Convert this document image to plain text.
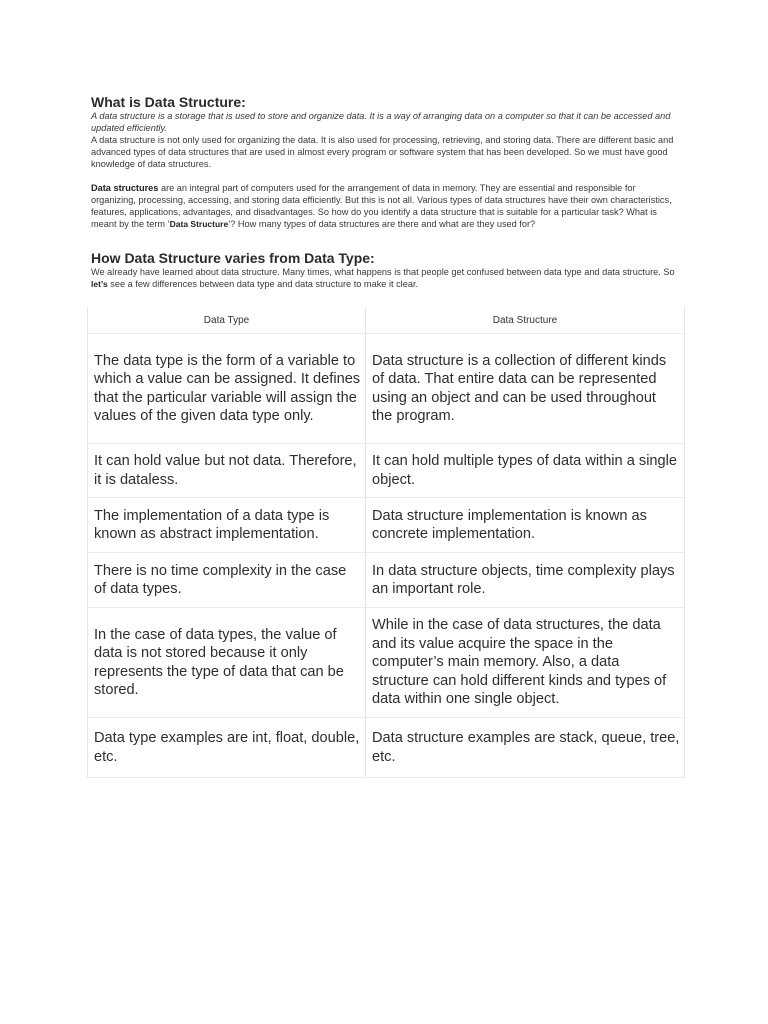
What is Data Structure:

A data structure is a storage that is used to store and organize data. It is a way of arranging data on a computer so that it can be accessed and updated efficiently.

A data structure is not only used for organizing the data. It is also used for processing, retrieving, and storing data. There are different basic and advanced types of data structures that are used in almost every program or software system that has been developed. So we must have good knowledge of data structures.

Data structures are an integral part of computers used for the arrangement of data in memory. They are essential and responsible for organizing, processing, accessing, and storing data efficiently. But this is not all. Various types of data structures have their own characteristics, features, applications, advantages, and disadvantages. So how do you identify a data structure that is suitable for a particular task? What is meant by the term ‘Data Structure’? How many types of data structures are there and what are they used for?

How Data Structure varies from Data Type:

We already have learned about data structure. Many times, what happens is that people get confused between data type and data structure. So let’s see a few differences between data type and data structure to make it clear.

Data Type	Data Structure
The data type is the form of a variable to which a value can be assigned. It defines that the particular variable will assign the values of the given data type only.	Data structure is a collection of different kinds of data. That entire data can be represented using an object and can be used throughout the program.
It can hold value but not data. Therefore, it is dataless.	It can hold multiple types of data within a single object.
The implementation of a data type is known as abstract implementation.	Data structure implementation is known as concrete implementation.
There is no time complexity in the case of data types.	In data structure objects, time complexity plays an important role.
In the case of data types, the value of data is not stored because it only represents the type of data that can be stored.	While in the case of data structures, the data and its value acquire the space in the computer’s main memory. Also, a data structure can hold different kinds and types of data within one single object.
Data type examples are int, float, double, etc.	Data structure examples are stack, queue, tree, etc.
